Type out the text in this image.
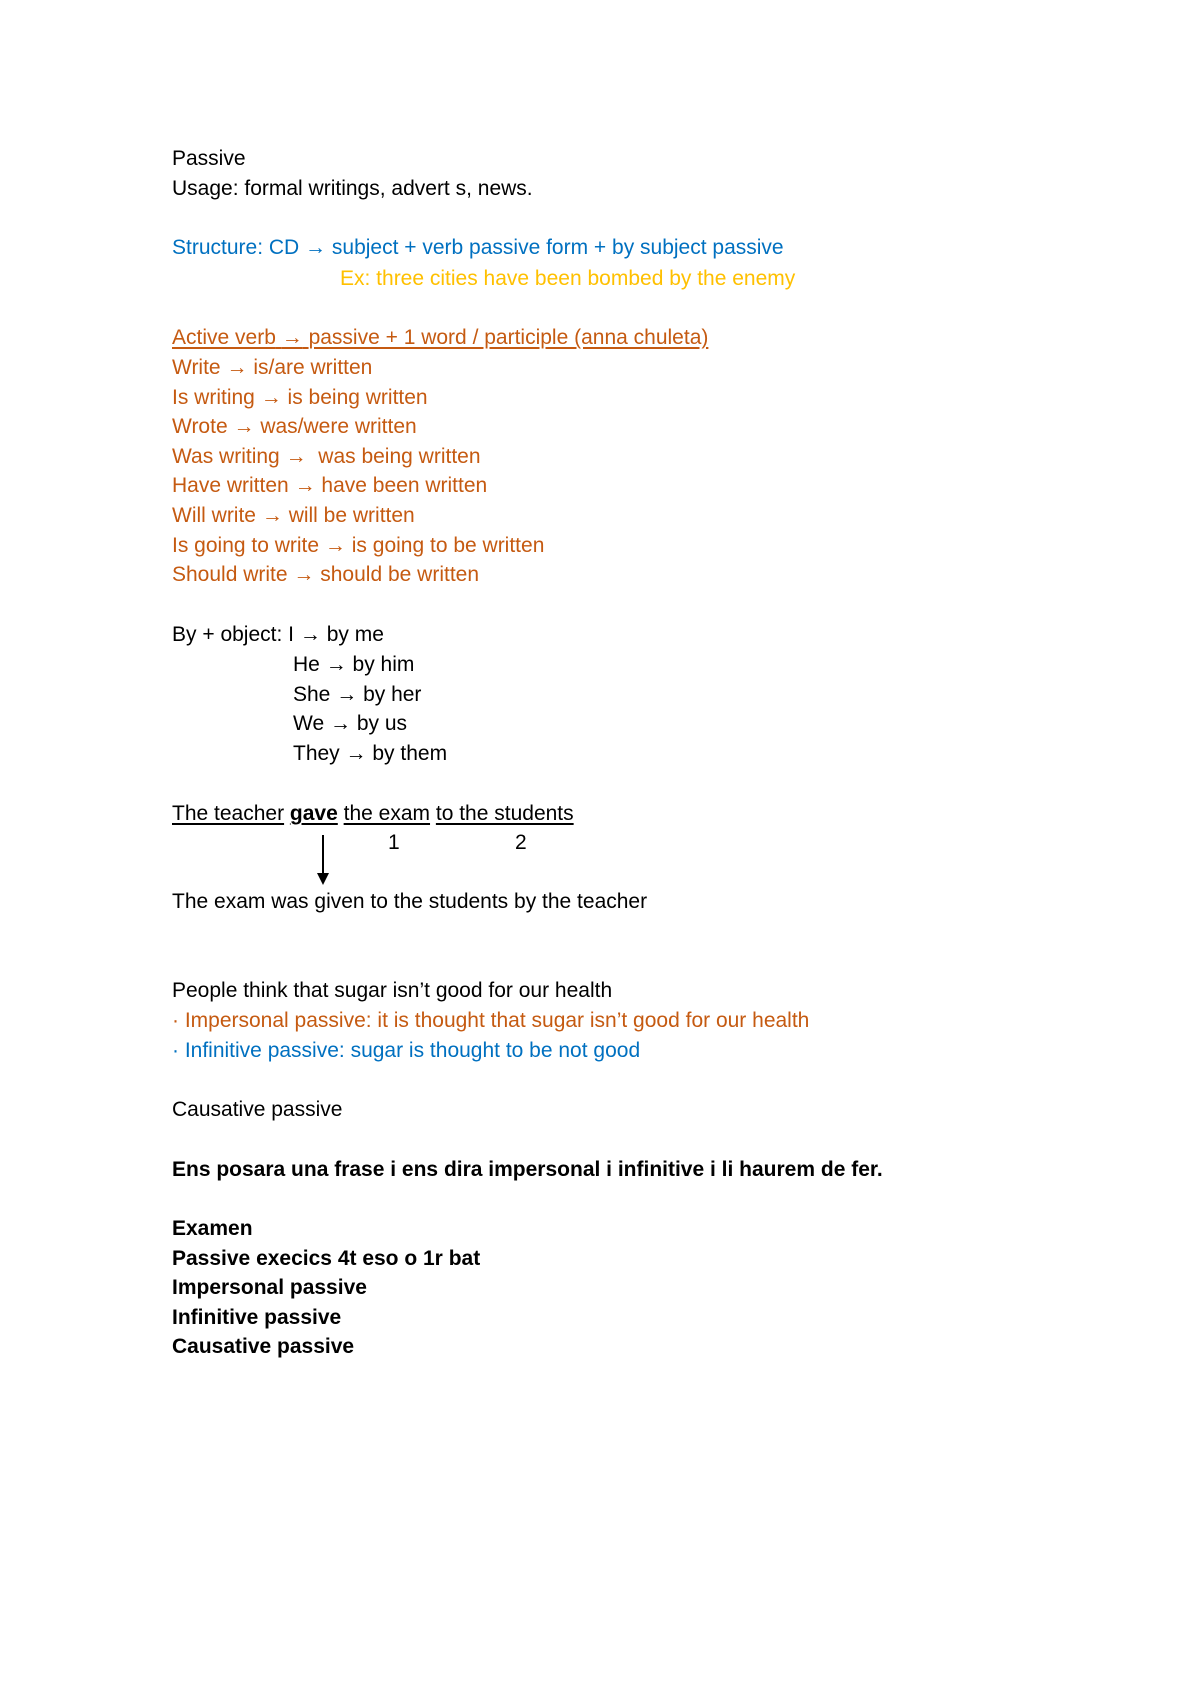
Passive
Usage: formal writings, advert s, news.
Structure: CD → subject + verb passive form + by subject passive
Ex: three cities have been bombed by the enemy
Active verb → passive + 1 word / participle (anna chuleta)
Write → is/are written
Is writing → is being written
Wrote → was/were written
Was writing →  was being written
Have written → have been written
Will write → will be written
Is going to write → is going to be written
Should write → should be written
By + object: I → by me
He → by him
She → by her
We → by us
They → by them
The teacher gave the exam to the students
1	2
The exam was given to the students by the teacher
People think that sugar isn’t good for our health
· Impersonal passive: it is thought that sugar isn’t good for our health
· Infinitive passive: sugar is thought to be not good
Causative passive
Ens posara una frase i ens dira impersonal i infinitive i li haurem de fer.
Examen
Passive execics 4t eso o 1r bat
Impersonal passive
Infinitive passive
Causative passive
